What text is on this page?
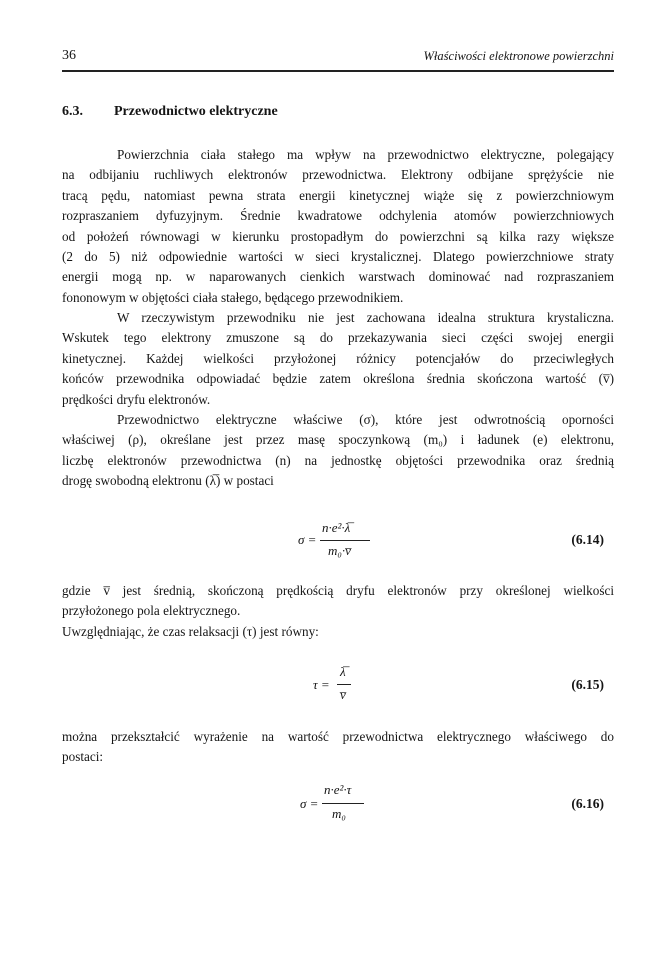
36	Właściwości elektronowe powierzchni
6.3. Przewodnictwo elektryczne
Powierzchnia ciała stałego ma wpływ na przewodnictwo elektryczne, polegający
na odbijaniu ruchliwych elektronów przewodnictwa. Elektrony odbijane sprężyście nie
tracą pędu, natomiast pewna strata energii kinetycznej wiąże się z powierzchniowym
rozpraszaniem dyfuzyjnym. Średnie kwadratowe odchylenia atomów powierzchniowych
od położeń równowagi w kierunku prostopadłym do powierzchni są kilka razy większe
(2 do 5) niż odpowiednie wartości w sieci krystalicznej. Dlatego powierzchniowe straty
energii mogą np. w naparowanych cienkich warstwach dominować nad rozpraszaniem
fononowym w objętości ciała stałego, będącego przewodnikiem.
W rzeczywistym przewodniku nie jest zachowana idealna struktura krystaliczna.
Wskutek tego elektrony zmuszone są do przekazywania sieci części swojej energii
kinetycznej. Każdej wielkości przyłożonej różnicy potencjałów do przeciwległych
końców przewodnika odpowiadać będzie zatem określona średnia skończona wartość (v̅)
prędkości dryfu elektronów.
Przewodnictwo elektryczne właściwe (σ), które jest odwrotnością oporności
właściwej (ρ), określane jest przez masę spoczynkową (m₀) i ładunek (e) elektronu,
liczbę elektronów przewodnictwa (n) na jednostkę objętości przewodnika oraz średnią
drogę swobodną elektronu (λ̅) w postaci
σ =
n·e²·λ̅
m₀·v̅
(6.14)
gdzie v̅ jest średnią, skończoną prędkością dryfu elektronów przy określonej wielkości
przyłożonego pola elektrycznego.
Uwzględniając, że czas relaksacji (τ) jest równy:
τ =
λ̅
v̅
(6.15)
można przekształcić wyrażenie na wartość przewodnictwa elektrycznego właściwego do
postaci:
σ =
n·e²·τ
m₀
(6.16)
